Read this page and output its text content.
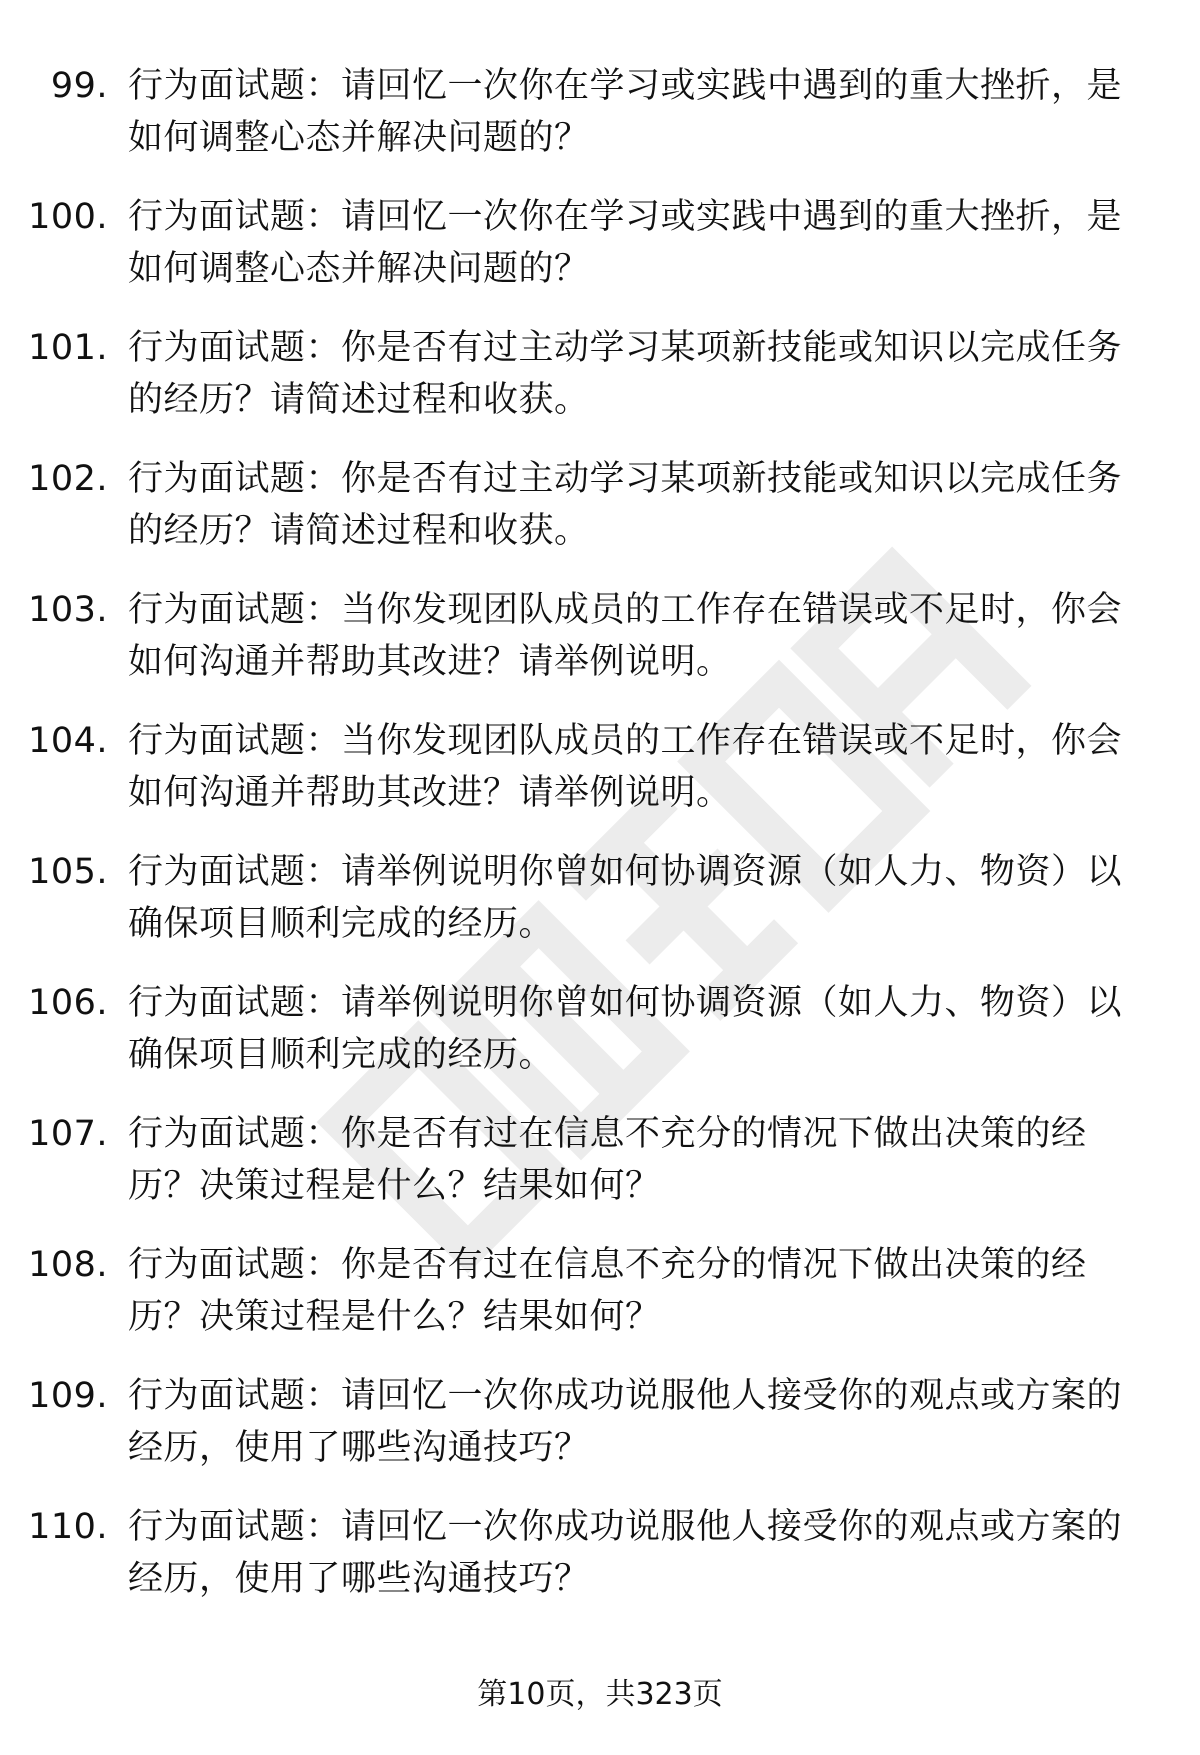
99. 行为面试题：请回忆一次你在学习或实践中遇到的重大挫折，是如何调整心态并解决问题的？
100. 行为面试题：请回忆一次你在学习或实践中遇到的重大挫折，是如何调整心态并解决问题的？
101. 行为面试题：你是否有过主动学习某项新技能或知识以完成任务的经历？请简述过程和收获。
102. 行为面试题：你是否有过主动学习某项新技能或知识以完成任务的经历？请简述过程和收获。
103. 行为面试题：当你发现团队成员的工作存在错误或不足时，你会如何沟通并帮助其改进？请举例说明。
104. 行为面试题：当你发现团队成员的工作存在错误或不足时，你会如何沟通并帮助其改进？请举例说明。
105. 行为面试题：请举例说明你曾如何协调资源（如人力、物资）以确保项目顺利完成的经历。
106. 行为面试题：请举例说明你曾如何协调资源（如人力、物资）以确保项目顺利完成的经历。
107. 行为面试题：你是否有过在信息不充分的情况下做出决策的经历？决策过程是什么？结果如何？
108. 行为面试题：你是否有过在信息不充分的情况下做出决策的经历？决策过程是什么？结果如何？
109. 行为面试题：请回忆一次你成功说服他人接受你的观点或方案的经历，使用了哪些沟通技巧？
110. 行为面试题：请回忆一次你成功说服他人接受你的观点或方案的经历，使用了哪些沟通技巧？
第10页，共323页
